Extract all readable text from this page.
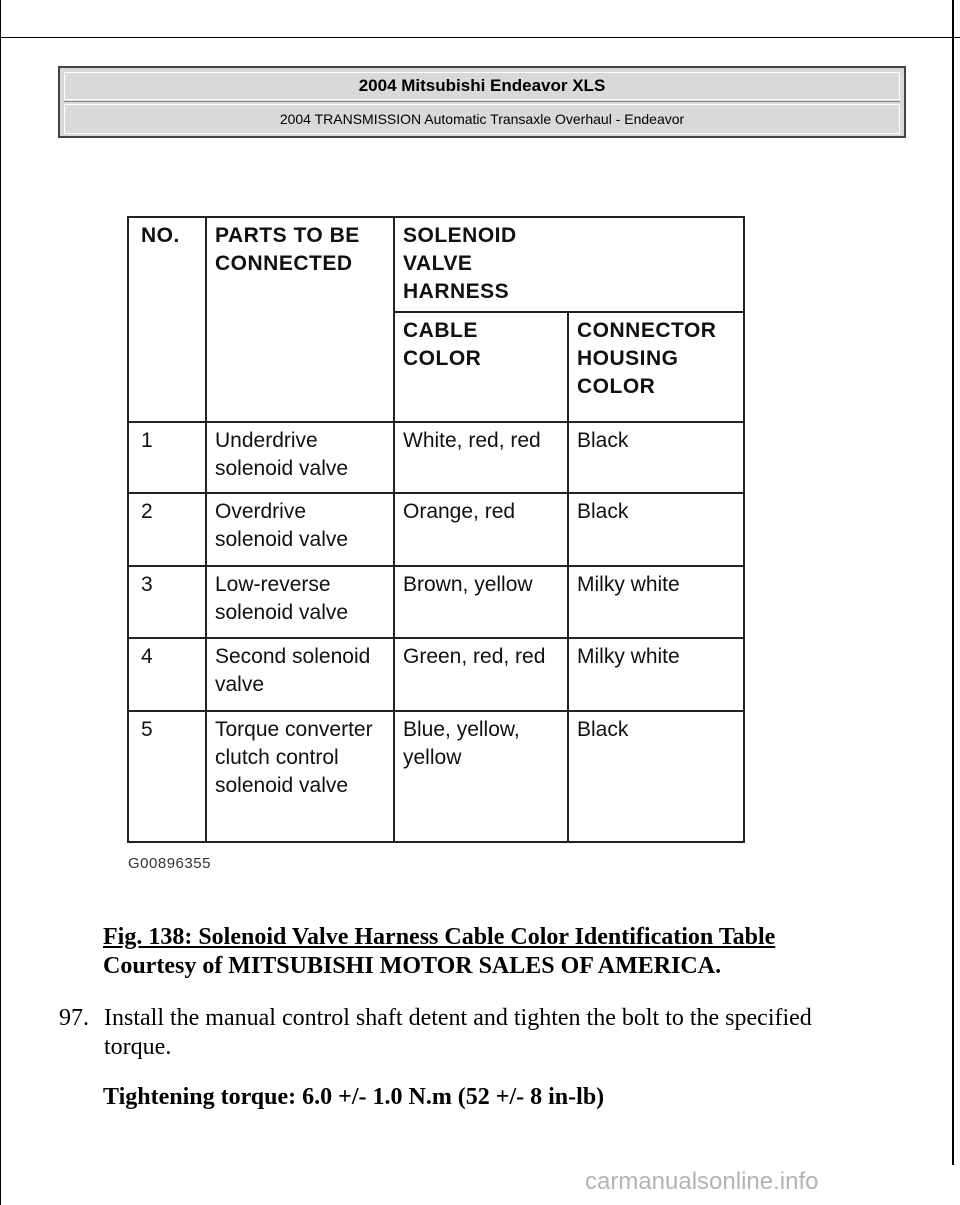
2004 Mitsubishi Endeavor XLS
2004 TRANSMISSION Automatic Transaxle Overhaul - Endeavor
NO.	PARTS TO BE CONNECTED	SOLENOID VALVE HARNESS	

		CABLE COLOR	CONNECTOR HOUSING COLOR
1	Underdrive solenoid valve	White, red, red	Black
2	Overdrive solenoid valve	Orange, red	Black
3	Low-reverse solenoid valve	Brown, yellow	Milky white
4	Second solenoid valve	Green, red, red	Milky white
5	Torque converter clutch control solenoid valve	Blue, yellow, yellow	Black
G00896355
Fig. 138: Solenoid Valve Harness Cable Color Identification Table
Courtesy of MITSUBISHI MOTOR SALES OF AMERICA.
97. Install the manual control shaft detent and tighten the bolt to the specified torque.
Tightening torque: 6.0 +/- 1.0 N.m (52 +/- 8 in-lb)
carmanualsonline.info
